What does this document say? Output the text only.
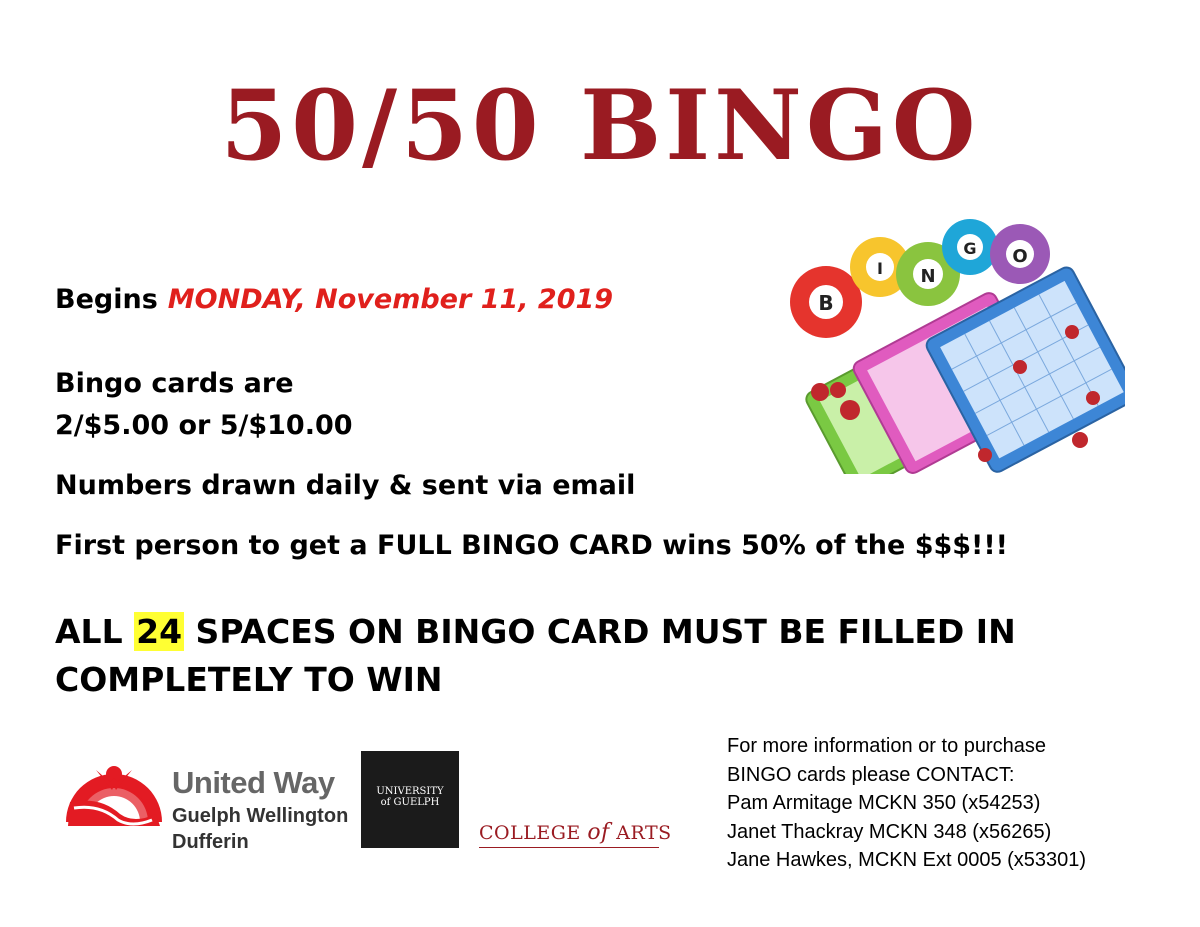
50/50 BINGO
Begins MONDAY, November 11, 2019
Bingo cards are
2/$5.00 or 5/$10.00
Numbers drawn daily & sent via email
First person to get a FULL BINGO CARD wins 50% of the $$$!!!
ALL 24 SPACES ON BINGO CARD MUST BE FILLED IN COMPLETELY TO WIN
B
I N
G O
United Way
Guelph Wellington
Dufferin
UNIVERSITY
of GUELPH
COLLEGE of ARTS
For more information or to purchase
BINGO cards please CONTACT:
Pam Armitage MCKN 350 (x54253)
Janet Thackray MCKN 348 (x56265)
Jane Hawkes, MCKN Ext 0005 (x53301)
